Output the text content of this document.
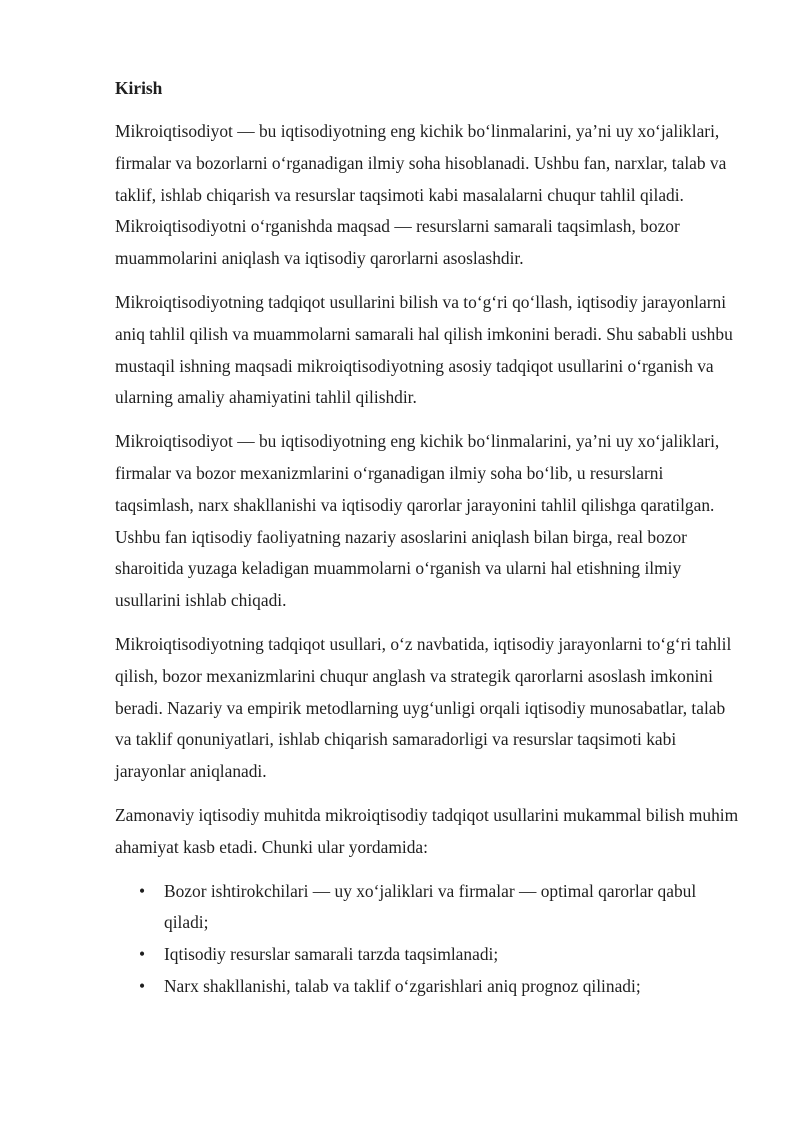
Kirish

Mikroiqtisodiyot — bu iqtisodiyotning eng kichik bo‘linmalarini, ya’ni uy xo‘jaliklari, firmalar va bozorlarni o‘rganadigan ilmiy soha hisoblanadi. Ushbu fan, narxlar, talab va taklif, ishlab chiqarish va resurslar taqsimoti kabi masalalarni chuqur tahlil qiladi. Mikroiqtisodiyotni o‘rganishda maqsad — resurslarni samarali taqsimlash, bozor muammolarini aniqlash va iqtisodiy qarorlarni asoslashdir.

Mikroiqtisodiyotning tadqiqot usullarini bilish va to‘g‘ri qo‘llash, iqtisodiy jarayonlarni aniq tahlil qilish va muammolarni samarali hal qilish imkonini beradi. Shu sababli ushbu mustaqil ishning maqsadi mikroiqtisodiyotning asosiy tadqiqot usullarini o‘rganish va ularning amaliy ahamiyatini tahlil qilishdir.

Mikroiqtisodiyot — bu iqtisodiyotning eng kichik bo‘linmalarini, ya’ni uy xo‘jaliklari, firmalar va bozor mexanizmlarini o‘rganadigan ilmiy soha bo‘lib, u resurslarni taqsimlash, narx shakllanishi va iqtisodiy qarorlar jarayonini tahlil qilishga qaratilgan. Ushbu fan iqtisodiy faoliyatning nazariy asoslarini aniqlash bilan birga, real bozor sharoitida yuzaga keladigan muammolarni o‘rganish va ularni hal etishning ilmiy usullarini ishlab chiqadi.

Mikroiqtisodiyotning tadqiqot usullari, o‘z navbatida, iqtisodiy jarayonlarni to‘g‘ri tahlil qilish, bozor mexanizmlarini chuqur anglash va strategik qarorlarni asoslash imkonini beradi. Nazariy va empirik metodlarning uyg‘unligi orqali iqtisodiy munosabatlar, talab va taklif qonuniyatlari, ishlab chiqarish samaradorligi va resurslar taqsimoti kabi jarayonlar aniqlanadi.

Zamonaviy iqtisodiy muhitda mikroiqtisodiy tadqiqot usullarini mukammal bilish muhim ahamiyat kasb etadi. Chunki ular yordamida:

• Bozor ishtirokchilari — uy xo‘jaliklari va firmalar — optimal qarorlar qabul qiladi;
• Iqtisodiy resurslar samarali tarzda taqsimlanadi;
• Narx shakllanishi, talab va taklif o‘zgarishlari aniq prognoz qilinadi;
